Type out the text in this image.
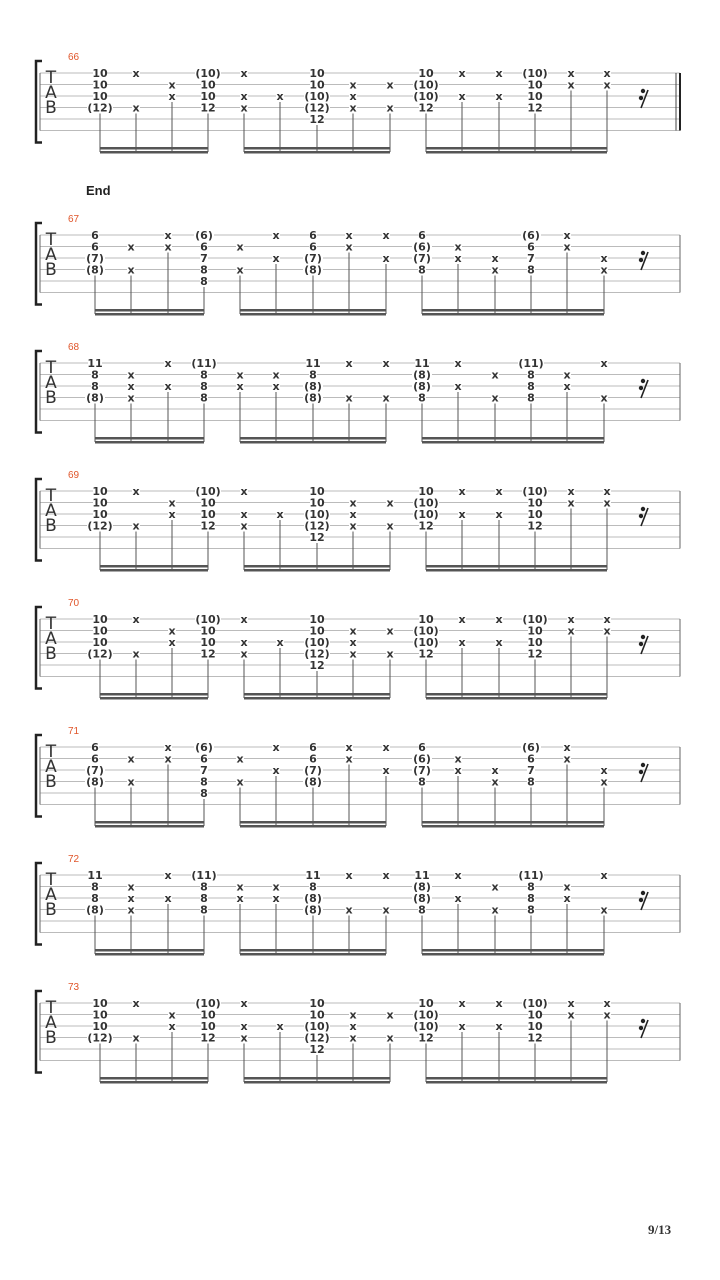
End
66
T
A
B
10
10
10
(12)
x
x
x
x
(10)
10
10
12
x
x
x
x
10
10
(10)
(12)
12
x
x
x
x
x
10
(10)
(10)
12
x
x
x
x
(10)
10
10
12
x
x
x
x
67
T
A
B
6
6
(7)
(8)
x
x
x
x
(6)
6
7
8
8
x
x
x
x
6
6
(7)
(8)
x
x
x
x
6
(6)
(7)
8
x
x	x
x
(6)
6
7
8
x
x
x
x
68
T
A
B
11
8
8
(8)
x
x
x
x
x
(11)
8
8
8
x
x
x
x
11
8
(8)
(8)
x
x
x
x
11
(8)
(8)
8
x
x
x
x
(11)
8
8
8
x
x
x
x
69
T
A
B
10
10
10
(12)
x
x
x
x
(10)
10
10
12
x
x
x
x
10
10
(10)
(12)
12
x
x
x
x
x
10
(10)
(10)
12
x
x
x
x
(10)
10
10
12
x
x
x
x
70
T
A
B
10
10
10
(12)
x
x
x
x
(10)
10
10
12
x
x
x
x
10
10
(10)
(12)
12
x
x
x
x
x
10
(10)
(10)
12
x
x
x
x
(10)
10
10
12
x
x
x
x
71
T
A
B
6
6
(7)
(8)
x
x
x
x
(6)
6
7
8
8
x
x
x
x
6
6
(7)
(8)
x
x
x
x
6
(6)
(7)
8
x
x	x
x
(6)
6
7
8
x
x
x
x
72
T
A
B
11
8
8
(8)
x
x
x
x
x
(11)
8
8
8
x
x
x
x
11
8
(8)
(8)
x
x
x
x
11
(8)
(8)
8
x
x
x
x
(11)
8
8
8
x
x
x
x
73
T
A
B
10
10
10
(12)
x
x
x
x
(10)
10
10
12
x
x
x
x
10
10
(10)
(12)
12
x
x
x
x
x
10
(10)
(10)
12
x
x
x
x
(10)
10
10
12
x
x
x
x
9/13
